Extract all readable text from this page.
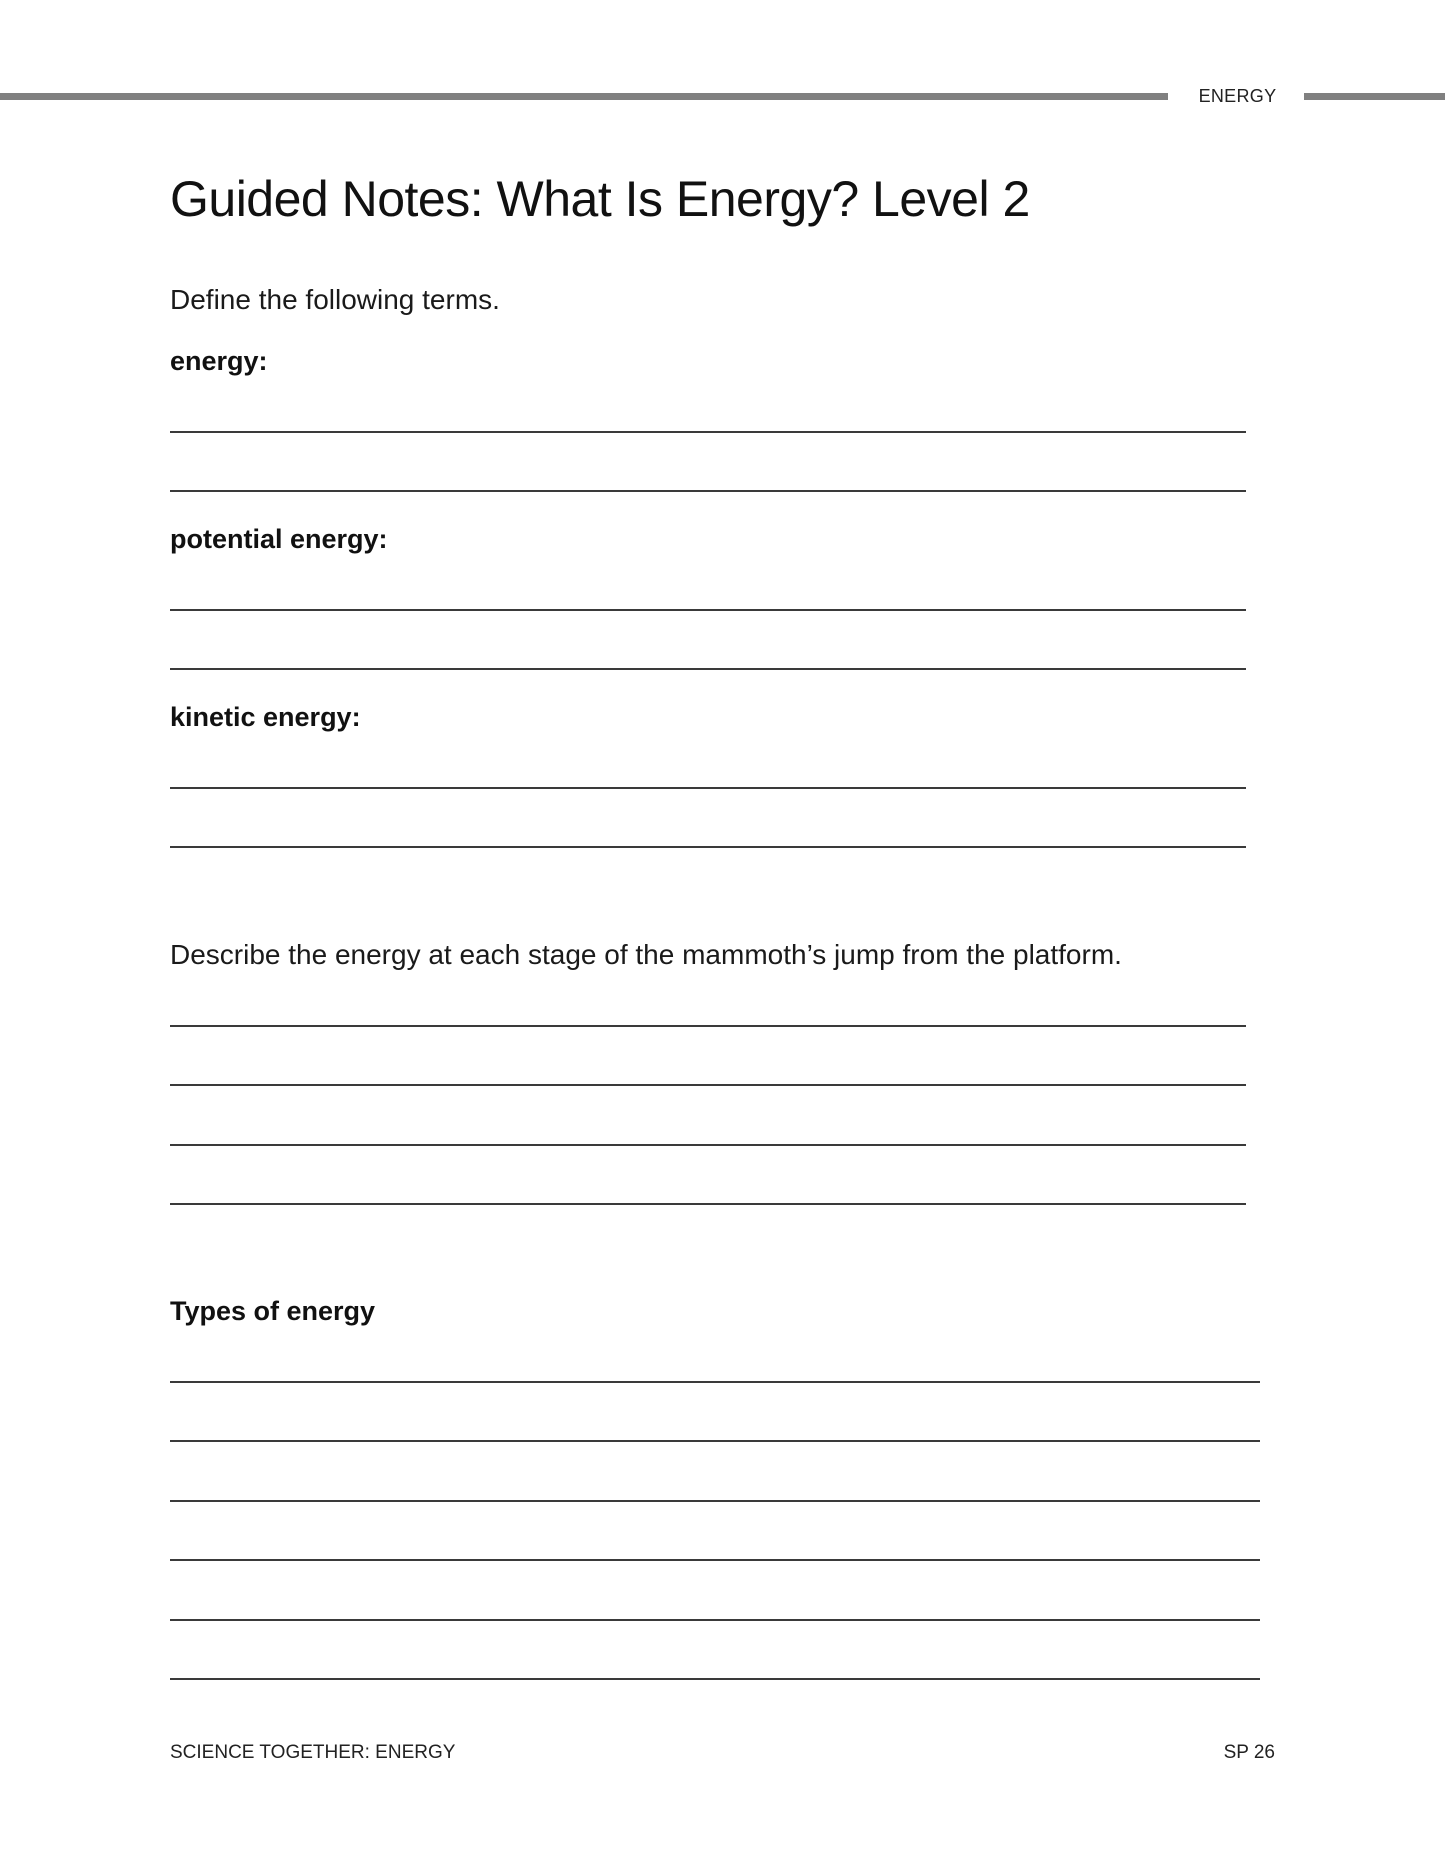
ENERGY
Guided Notes: What Is Energy? Level 2
Define the following terms.
energy:
potential energy:
kinetic energy:
Describe the energy at each stage of the mammoth’s jump from the platform.
Types of energy
SCIENCE TOGETHER: ENERGY	SP 26
